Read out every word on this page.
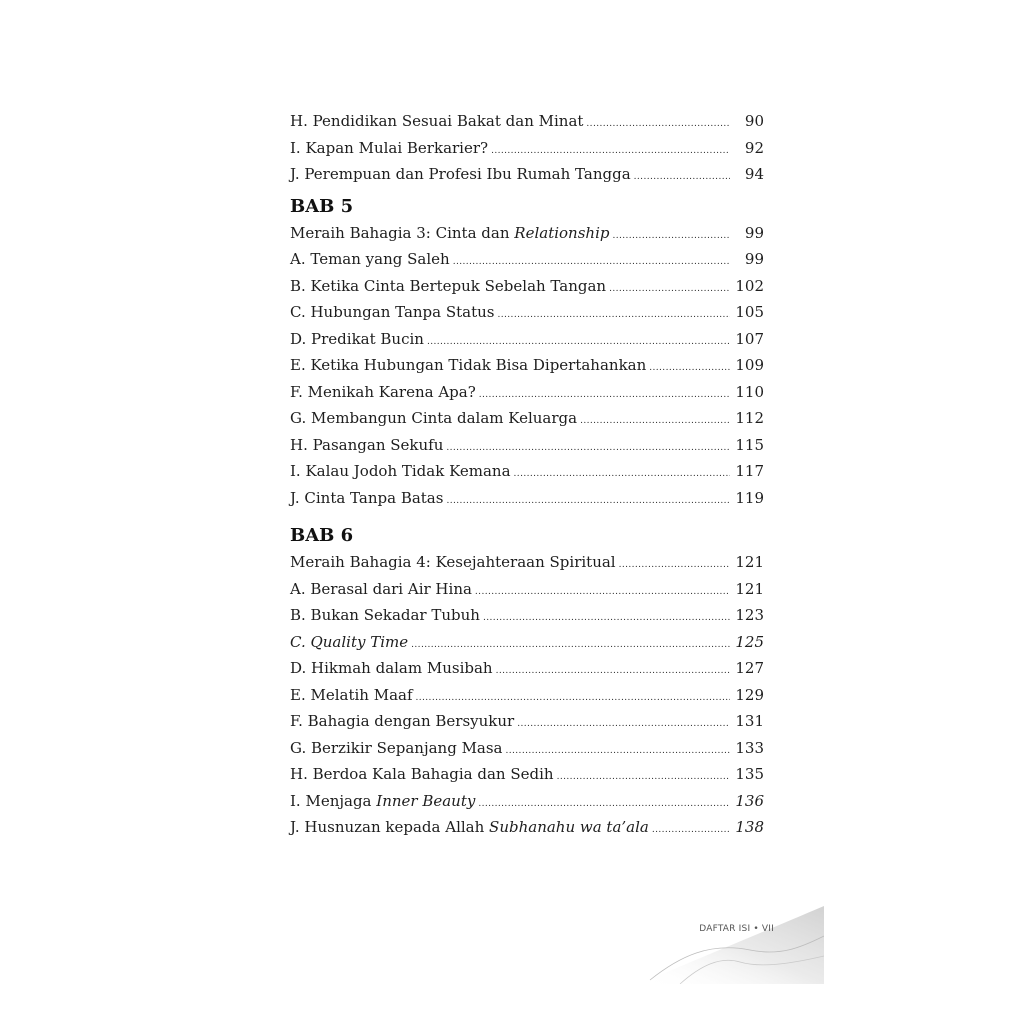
H. Pendidikan Sesuai Bakat dan Minat .....	90
I. Kapan Mulai Berkarier? .....	92
J. Perempuan dan Profesi Ibu Rumah Tangga .....	94
BAB 5
Meraih Bahagia 3: Cinta dan Relationship .....	99
A. Teman yang Saleh .....	99
B. Ketika Cinta Bertepuk Sebelah Tangan .....	102
C. Hubungan Tanpa Status .....	105
D. Predikat Bucin .....	107
E. Ketika Hubungan Tidak Bisa Dipertahankan .....	109
F. Menikah Karena Apa? .....	110
G. Membangun Cinta dalam Keluarga .....	112
H. Pasangan Sekufu .....	115
I. Kalau Jodoh Tidak Kemana .....	117
J. Cinta Tanpa Batas .....	119
BAB 6
Meraih Bahagia 4: Kesejahteraan Spiritual .....	121
A. Berasal dari Air Hina .....	121
B. Bukan Sekadar Tubuh .....	123
C. Quality Time .....	125
D. Hikmah dalam Musibah .....	127
E. Melatih Maaf .....	129
F. Bahagia dengan Bersyukur .....	131
G. Berzikir Sepanjang Masa .....	133
H. Berdoa Kala Bahagia dan Sedih .....	135
I. Menjaga Inner Beauty .....	136
J. Husnuzan kepada Allah Subhanahu wa ta’ala .....	138
DAFTAR ISI • VII
